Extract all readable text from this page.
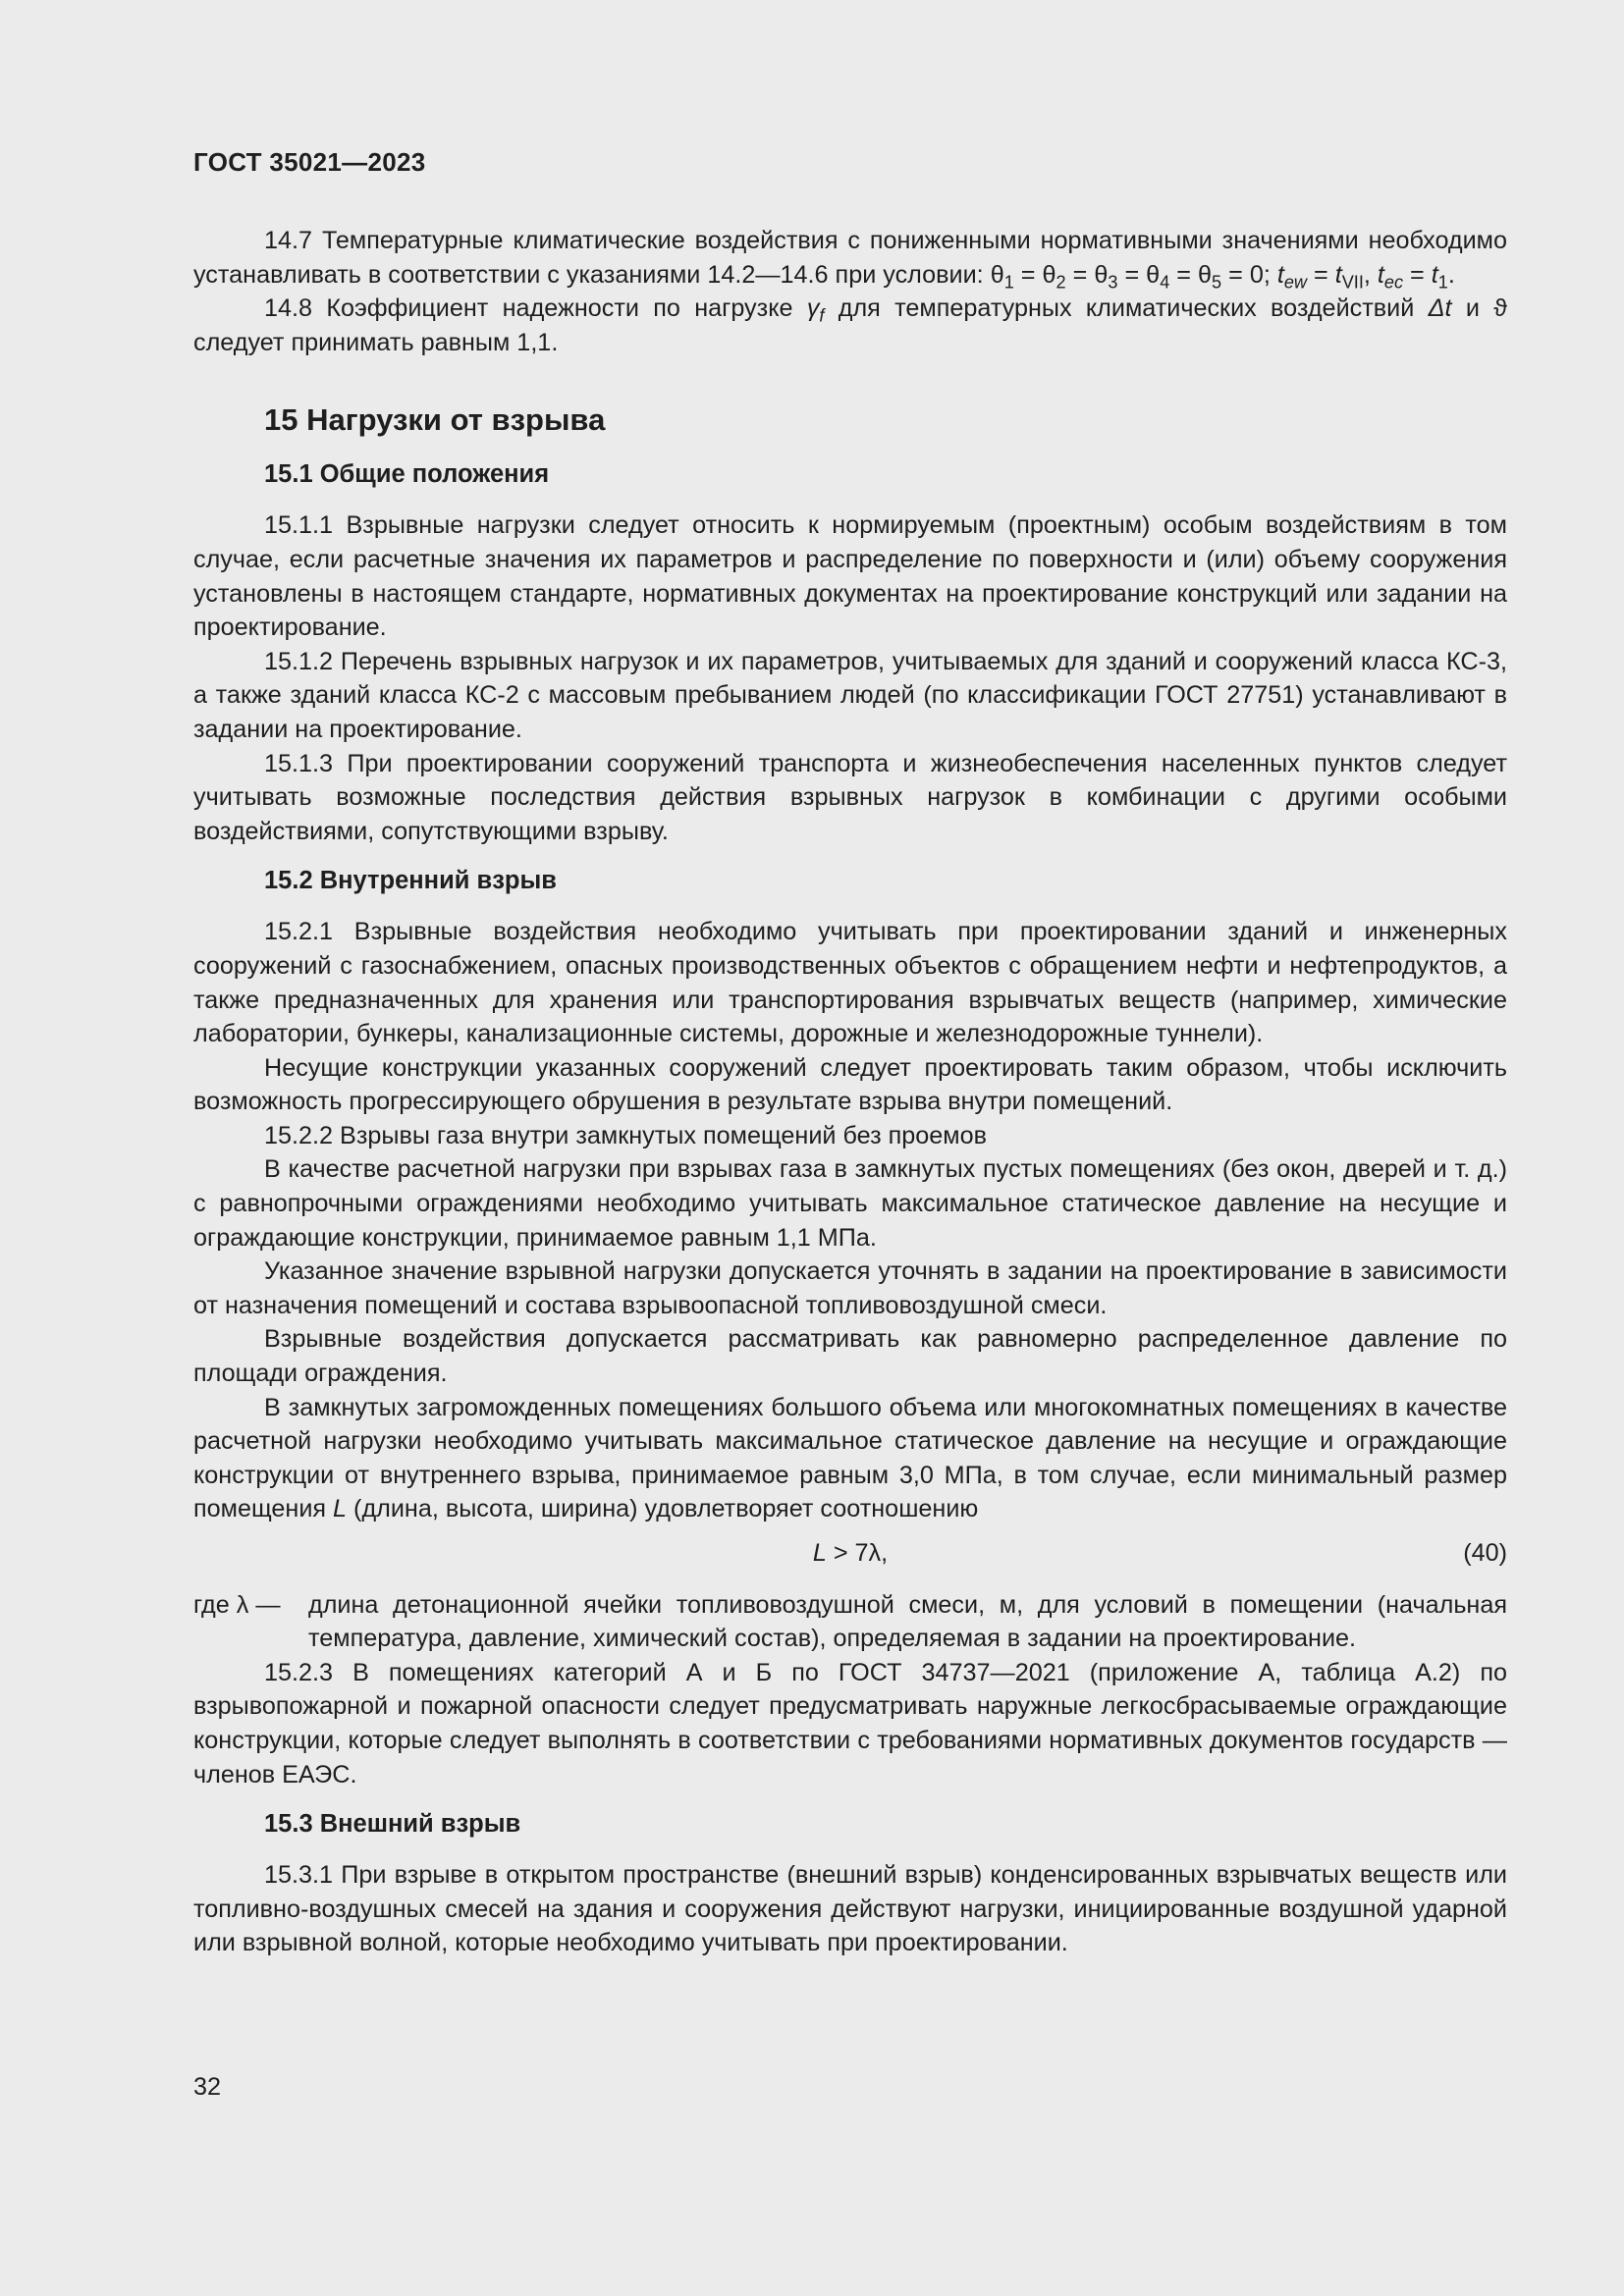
ГОСТ 35021—2023

14.7 Температурные климатические воздействия с пониженными нормативными значениями необходимо устанавливать в соответствии с указаниями 14.2—14.6 при условии: $\theta_1 = \theta_2 = \theta_3 = \theta_4 = \theta_5 = 0$; $t_{ew} = t_{VII}$, $t_{ec} = t_1$.

14.8 Коэффициент надежности по нагрузке $\gamma_f$ для температурных климатических воздействий Δt и ϑ следует принимать равным 1,1.

15 Нагрузки от взрыва
15.1 Общие положения

15.1.1 Взрывные нагрузки следует относить к нормируемым (проектным) особым воздействиям в том случае, если расчетные значения их параметров и распределение по поверхности и (или) объему сооружения установлены в настоящем стандарте, нормативных документах на проектирование конструкций или задании на проектирование.

15.1.2 Перечень взрывных нагрузок и их параметров, учитываемых для зданий и сооружений класса КС-3, а также зданий класса КС-2 с массовым пребыванием людей (по классификации ГОСТ 27751) устанавливают в задании на проектирование.

15.1.3 При проектировании сооружений транспорта и жизнеобеспечения населенных пунктов следует учитывать возможные последствия действия взрывных нагрузок в комбинации с другими особыми воздействиями, сопутствующими взрыву.

15.2 Внутренний взрыв

15.2.1 Взрывные воздействия необходимо учитывать при проектировании зданий и инженерных сооружений с газоснабжением, опасных производственных объектов с обращением нефти и нефтепродуктов, а также предназначенных для хранения или транспортирования взрывчатых веществ (например, химические лаборатории, бункеры, канализационные системы, дорожные и железнодорожные туннели).

Несущие конструкции указанных сооружений следует проектировать таким образом, чтобы исключить возможность прогрессирующего обрушения в результате взрыва внутри помещений.

15.2.2 Взрывы газа внутри замкнутых помещений без проемов

В качестве расчетной нагрузки при взрывах газа в замкнутых пустых помещениях (без окон, дверей и т. д.) с равнопрочными ограждениями необходимо учитывать максимальное статическое давление на несущие и ограждающие конструкции, принимаемое равным 1,1 МПа.

Указанное значение взрывной нагрузки допускается уточнять в задании на проектирование в зависимости от назначения помещений и состава взрывоопасной топливовоздушной смеси.

Взрывные воздействия допускается рассматривать как равномерно распределенное давление по площади ограждения.

В замкнутых загроможденных помещениях большого объема или многокомнатных помещениях в качестве расчетной нагрузки необходимо учитывать максимальное статическое давление на несущие и ограждающие конструкции от внутреннего взрыва, принимаемое равным 3,0 МПа, в том случае, если минимальный размер помещения L (длина, высота, ширина) удовлетворяет соотношению

L > 7λ,	(40)
где λ —	длина детонационной ячейки топливовоздушной смеси, м, для условий в помещении (начальная температура, давление, химический состав), определяемая в задании на проектирование.

15.2.3 В помещениях категорий А и Б по ГОСТ 34737—2021 (приложение А, таблица А.2) по взрывопожарной и пожарной опасности следует предусматривать наружные легкосбрасываемые ограждающие конструкции, которые следует выполнять в соответствии с требованиями нормативных документов государств — членов ЕАЭС.

15.3 Внешний взрыв

15.3.1 При взрыве в открытом пространстве (внешний взрыв) конденсированных взрывчатых веществ или топливно-воздушных смесей на здания и сооружения действуют нагрузки, инициированные воздушной ударной или взрывной волной, которые необходимо учитывать при проектировании.

32
